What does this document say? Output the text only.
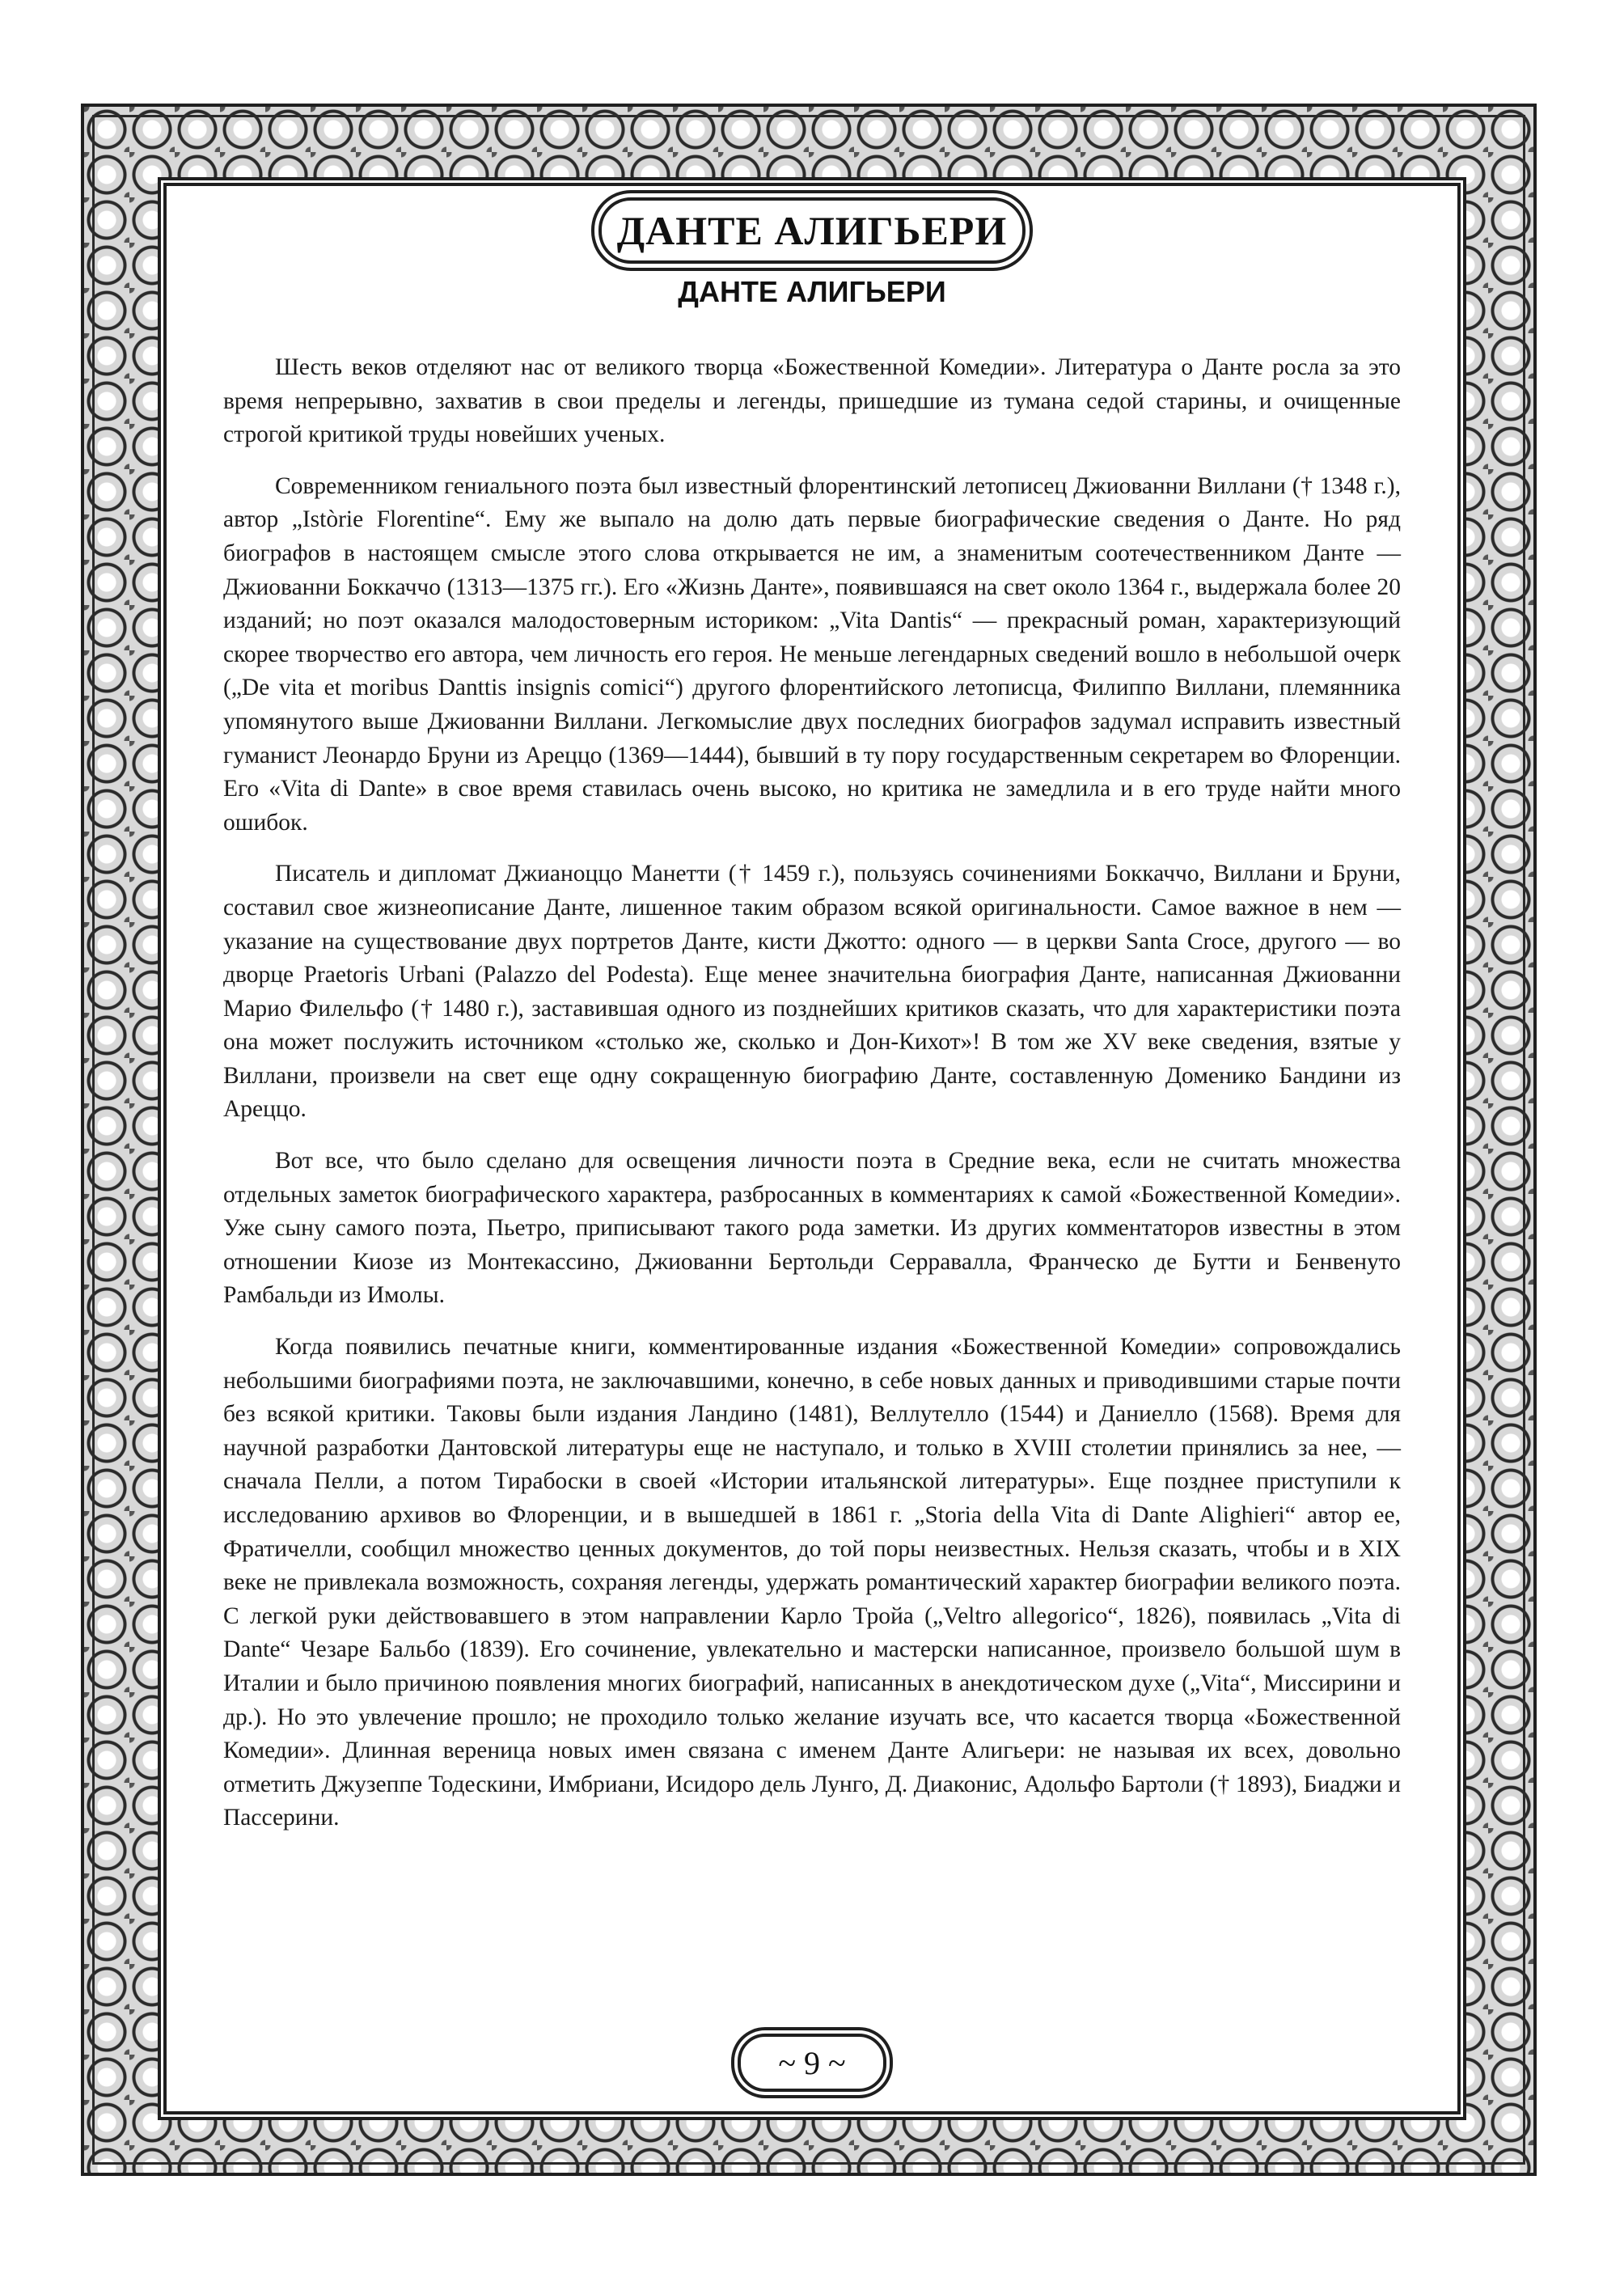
ДАНТЕ АЛИГЬЕРИ
ДАНТЕ АЛИГЬЕРИ

Шесть веков отделяют нас от великого творца «Божественной Комедии». Литература о Данте росла за это время непрерывно, захватив в свои пределы и легенды, пришедшие из тумана седой старины, и очищенные строгой критикой труды новейших ученых.

Современником гениального поэта был известный флорентинский летописец Джиованни Виллани († 1348 г.), автор „Istòrie Florentine“. Ему же выпало на долю дать первые биографические сведения о Данте. Но ряд биографов в настоящем смысле этого слова открывается не им, а знаменитым соотечественником Данте — Джиованни Боккаччо (1313—1375 гг.). Его «Жизнь Данте», появившаяся на свет около 1364 г., выдержала более 20 изданий; но поэт оказался малодостоверным историком: „Vita Dantis“ — прекрасный роман, характеризующий скорее творчество его автора, чем личность его героя. Не меньше легендарных сведений вошло в небольшой очерк („De vita et moribus Danttis insignis comici“) другого флорентийского летописца, Филиппо Виллани, племянника упомянутого выше Джиованни Виллани. Легкомыслие двух последних биографов задумал исправить известный гуманист Леонардо Бруни из Ареццо (1369—1444), бывший в ту пору государственным секретарем во Флоренции. Его «Vita di Dante» в свое время ставилась очень высоко, но критика не замедлила и в его труде найти много ошибок.

Писатель и дипломат Джианоццо Манетти († 1459 г.), пользуясь сочинениями Боккаччо, Виллани и Бруни, составил свое жизнеописание Данте, лишенное таким образом всякой оригинальности. Самое важное в нем — указание на существование двух портретов Данте, кисти Джотто: одного — в церкви Santa Croce, другого — во дворце Praetoris Urbani (Palazzo del Podesta). Еще менее значительна биография Данте, написанная Джиованни Марио Филельфо († 1480 г.), заставившая одного из позднейших критиков сказать, что для характеристики поэта она может послужить источником «столько же, сколько и Дон-Кихот»! В том же XV веке сведения, взятые у Виллани, произвели на свет еще одну сокращенную биографию Данте, составленную Доменико Бандини из Ареццо.

Вот все, что было сделано для освещения личности поэта в Средние века, если не считать множества отдельных заметок биографического характера, разбросанных в комментариях к самой «Божественной Комедии». Уже сыну самого поэта, Пьетро, приписывают такого рода заметки. Из других комментаторов известны в этом отношении Киозе из Монтекассино, Джиованни Бертольди Серравалла, Франческо де Бутти и Бенвенуто Рамбальди из Имолы.

Когда появились печатные книги, комментированные издания «Божественной Комедии» сопровождались небольшими биографиями поэта, не заключавшими, конечно, в себе новых данных и приводившими старые почти без всякой критики. Таковы были издания Ландино (1481), Веллутелло (1544) и Даниелло (1568). Время для научной разработки Дантовской литературы еще не наступало, и только в XVIII столетии принялись за нее, — сначала Пелли, а потом Тирабоски в своей «Истории итальянской литературы». Еще позднее приступили к исследованию архивов во Флоренции, и в вышедшей в 1861 г. „Storia della Vita di Dante Alighieri“ автор ее, Фратичелли, сообщил множество ценных документов, до той поры неизвестных. Нельзя сказать, чтобы и в XIX веке не привлекала возможность, сохраняя легенды, удержать романтический характер биографии великого поэта. С легкой руки действовавшего в этом направлении Карло Тройа („Veltro allegorico“, 1826), появилась „Vita di Dante“ Чезаре Бальбо (1839). Его сочинение, увлекательно и мастерски написанное, произвело большой шум в Италии и было причиною появления многих биографий, написанных в анекдотическом духе („Vita“, Миссирини и др.). Но это увлечение прошло; не проходило только желание изучать все, что касается творца «Божественной Комедии». Длинная вереница новых имен связана с именем Данте Алигьери: не называя их всех, довольно отметить Джузеппе Тодескини, Имбриани, Исидоро дель Лунго, Д. Диаконис, Адольфо Бартоли († 1893), Биаджи и Пассерини.

~ 9 ~
